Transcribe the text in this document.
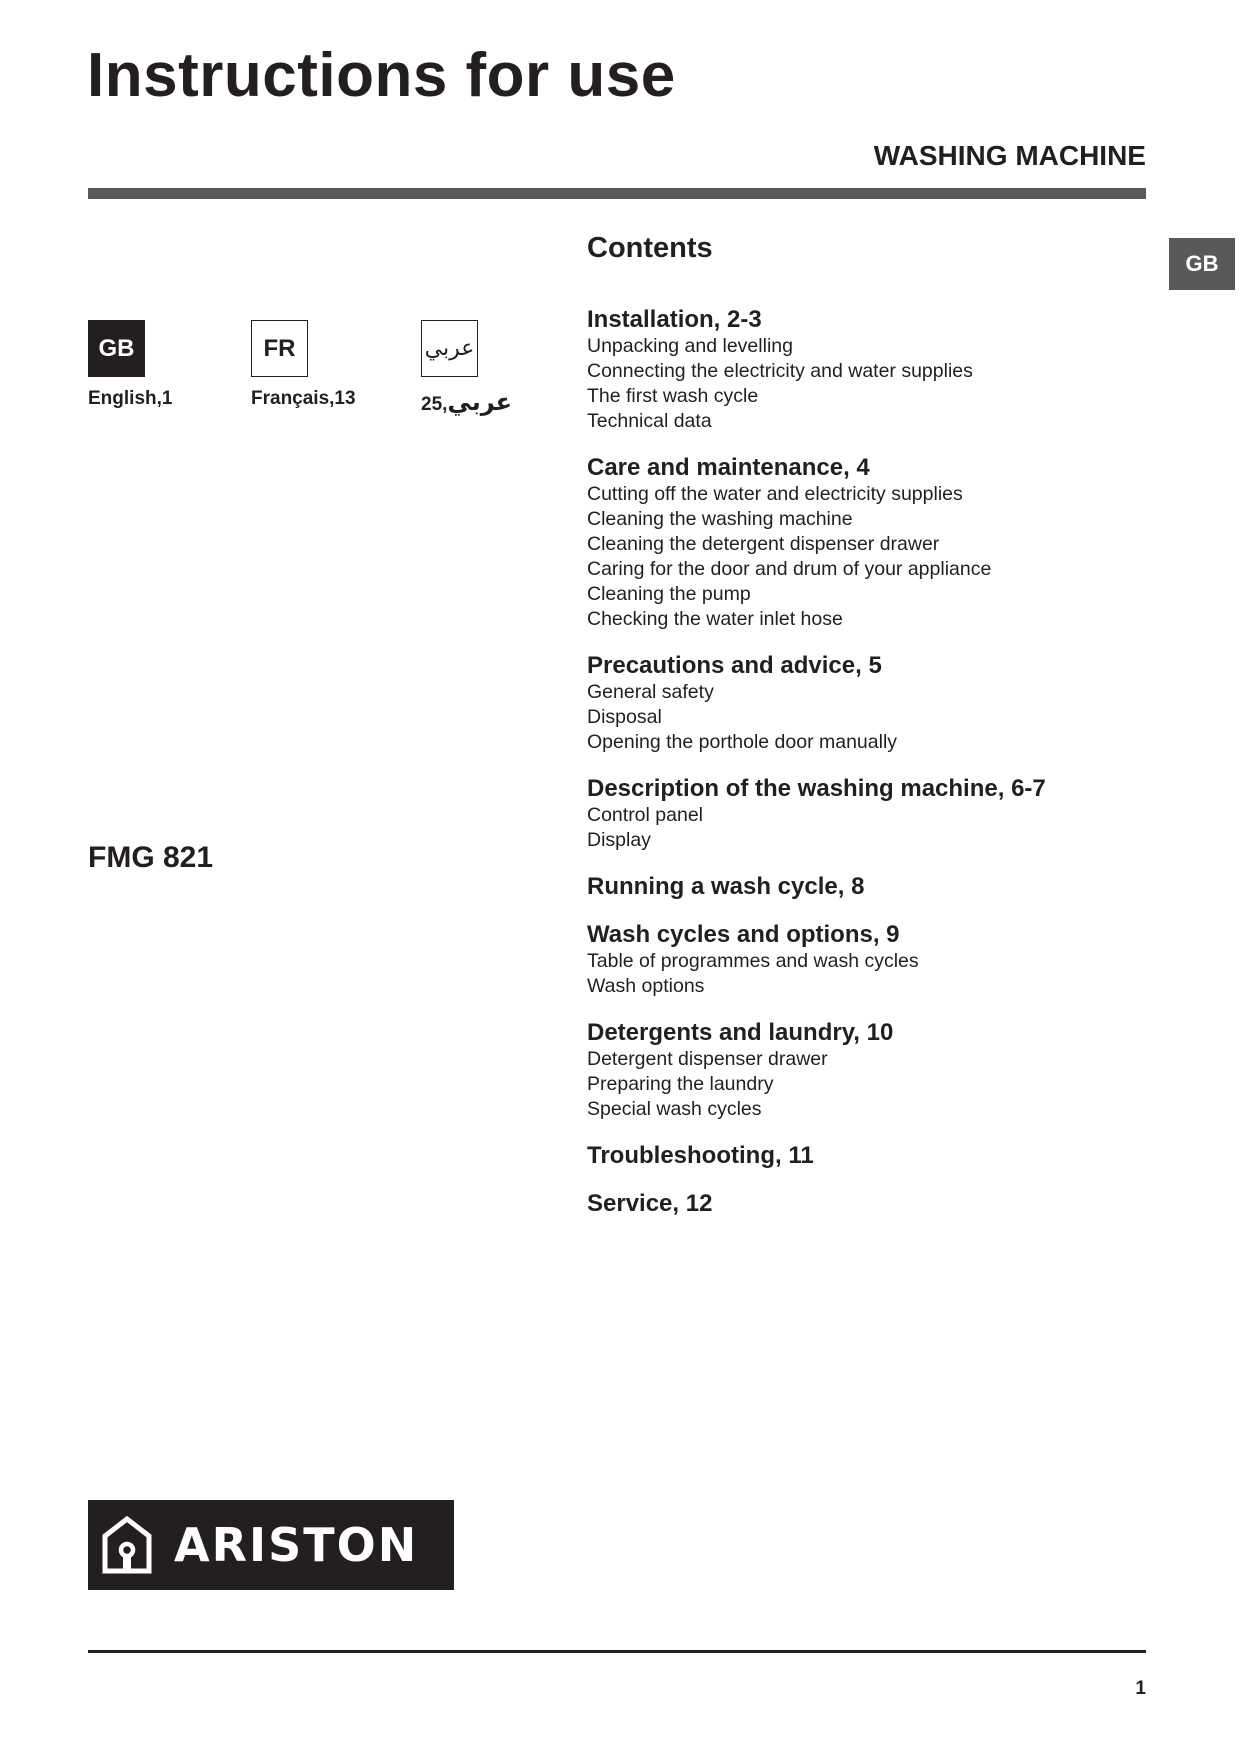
Instructions for use
WASHING MACHINE
GB
GB
English,1
FR
Français,13
عربي
عربي,25
FMG 821
Contents
Installation, 2-3
Unpacking and levelling
Connecting the electricity and water supplies
The first wash cycle
Technical data
Care and maintenance, 4
Cutting off the water and electricity supplies
Cleaning the washing machine
Cleaning the detergent dispenser drawer
Caring for the door and drum of your appliance
Cleaning the pump
Checking the water inlet hose
Precautions and advice, 5
General safety
Disposal
Opening the porthole door manually
Description of the washing machine, 6-7
Control panel
Display
Running a wash cycle, 8
Wash cycles and options, 9
Table of programmes and wash cycles
Wash options
Detergents and laundry, 10
Detergent dispenser drawer
Preparing the laundry
Special wash cycles
Troubleshooting, 11
Service, 12
ARISTON
1
